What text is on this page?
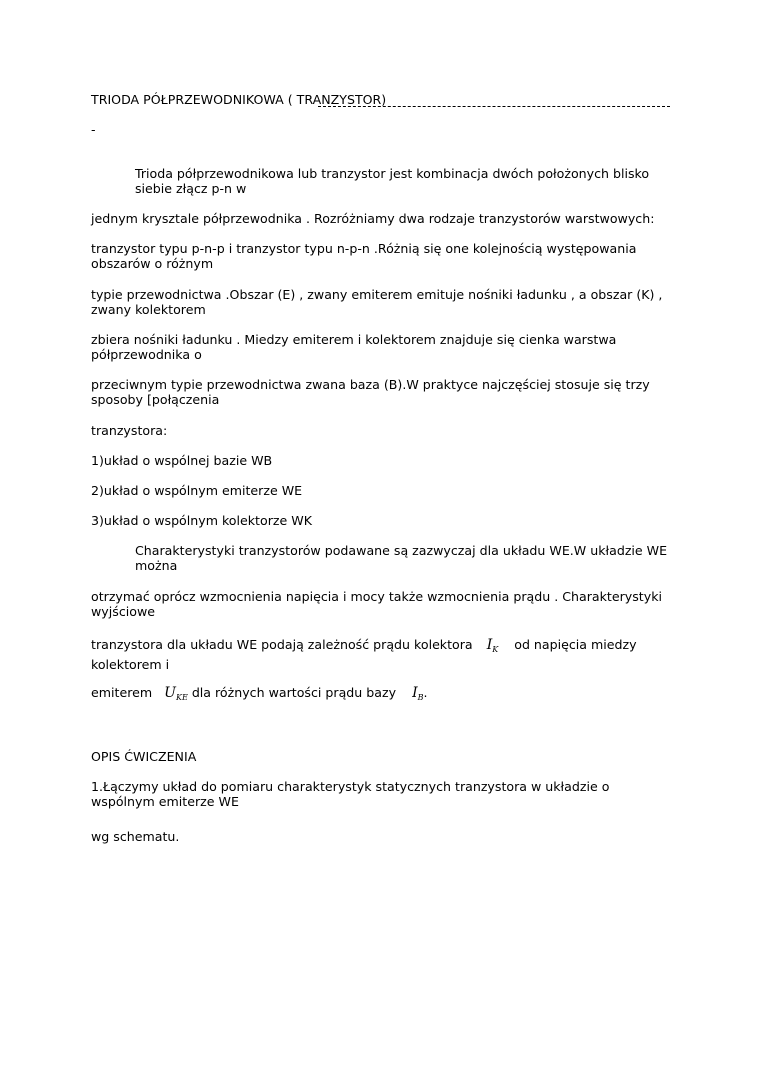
TRIODA PÓŁPRZEWODNIKOWA ( TRANZYSTOR)
-
Trioda półprzewodnikowa lub tranzystor jest kombinacja dwóch położonych blisko siebie złącz p-n w
jednym krysztale półprzewodnika . Rozróżniamy dwa rodzaje tranzystorów warstwowych:
tranzystor typu p-n-p i tranzystor typu n-p-n .Różnią się one kolejnością występowania obszarów o różnym
typie przewodnictwa .Obszar (E) , zwany emiterem emituje nośniki ładunku , a obszar (K) , zwany kolektorem
zbiera nośniki ładunku . Miedzy emiterem i kolektorem znajduje się cienka warstwa półprzewodnika o
przeciwnym typie przewodnictwa zwana baza (B).W praktyce najczęściej stosuje się trzy sposoby [połączenia
tranzystora:
1)układ o wspólnej bazie WB
2)układ o wspólnym emiterze WE
3)układ o wspólnym kolektorze WK
Charakterystyki tranzystorów podawane są zazwyczaj dla układu WE.W układzie WE można
otrzymać oprócz wzmocnienia napięcia i mocy także wzmocnienia prądu . Charakterystyki wyjściowe
tranzystora dla układu WE podają zależność prądu kolektora $I_K$ od napięcia miedzy kolektorem i
emiterem $U_{KE}$ dla różnych wartości prądu bazy $I_B$.
OPIS ĆWICZENIA
1.Łączymy układ do pomiaru charakterystyk statycznych tranzystora w układzie o wspólnym emiterze WE
wg schematu.
